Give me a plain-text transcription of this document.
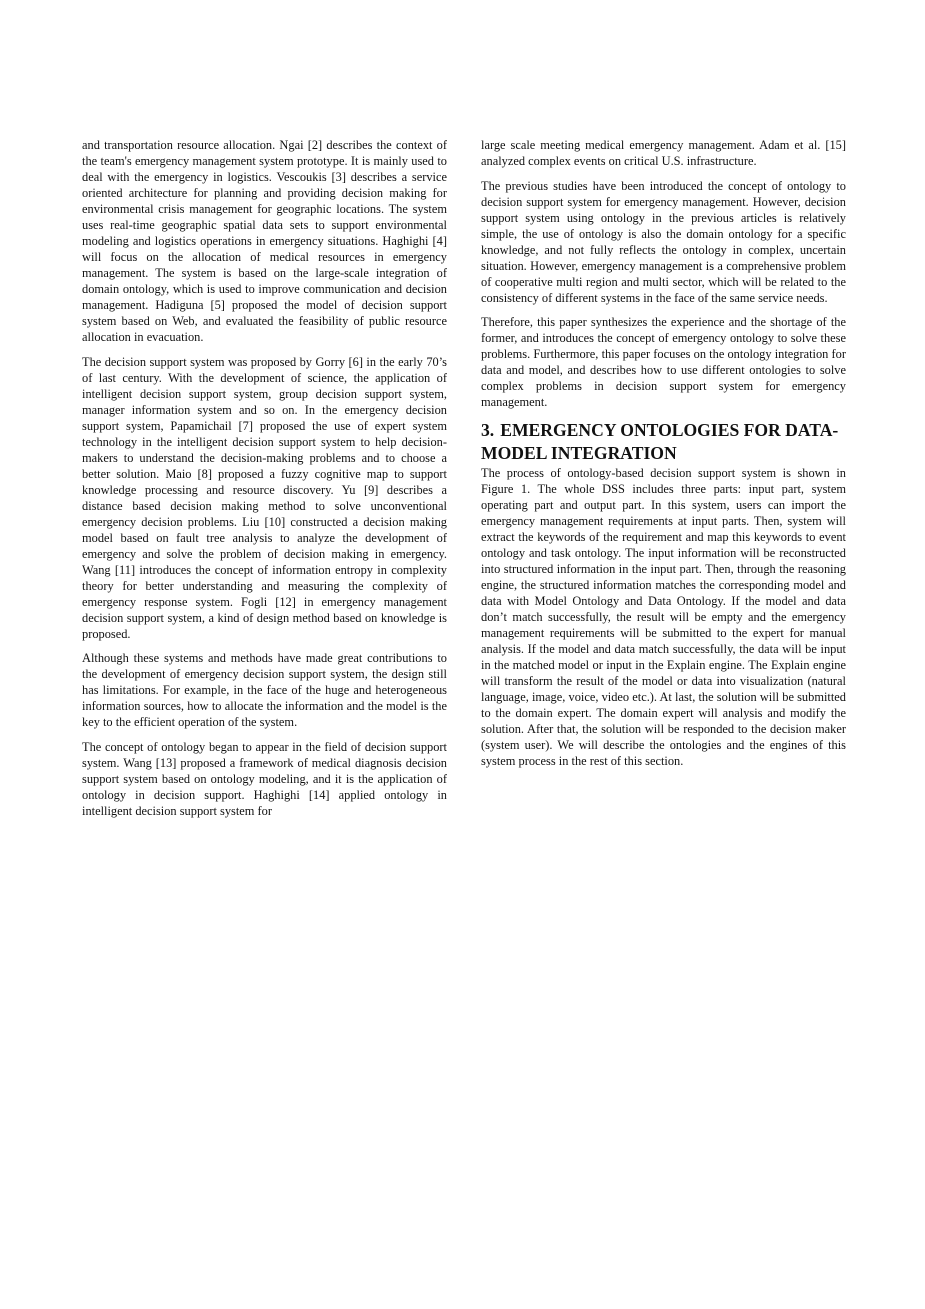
and transportation resource allocation. Ngai [2] describes the context of the team's emergency management system prototype. It is mainly used to deal with the emergency in logistics. Vescoukis [3] describes a service oriented architecture for planning and providing decision making for environmental crisis management for geographic locations. The system uses real-time geographic spatial data sets to support environmental modeling and logistics operations in emergency situations. Haghighi [4] will focus on the allocation of medical resources in emergency management. The system is based on the large-scale integration of domain ontology, which is used to improve communication and decision management. Hadiguna [5] proposed the model of decision support system based on Web, and evaluated the feasibility of public resource allocation in evacuation.

The decision support system was proposed by Gorry [6] in the early 70’s of last century. With the development of science, the application of intelligent decision support system, group decision support system, manager information system and so on. In the emergency decision support system, Papamichail [7] proposed the use of expert system technology in the intelligent decision support system to help decision-makers to understand the decision-making problems and to choose a better solution. Maio [8] proposed a fuzzy cognitive map to support knowledge processing and resource discovery. Yu [9] describes a distance based decision making method to solve unconventional emergency decision problems. Liu [10] constructed a decision making model based on fault tree analysis to analyze the development of emergency and solve the problem of decision making in emergency. Wang [11] introduces the concept of information entropy in complexity theory for better understanding and measuring the complexity of emergency response system. Fogli [12] in emergency management decision support system, a kind of design method based on knowledge is proposed.

Although these systems and methods have made great contributions to the development of emergency decision support system, the design still has limitations. For example, in the face of the huge and heterogeneous information sources, how to allocate the information and the model is the key to the efficient operation of the system.

The concept of ontology began to appear in the field of decision support system. Wang [13] proposed a framework of medical diagnosis decision support system based on ontology modeling, and it is the application of ontology in decision support. Haghighi [14] applied ontology in intelligent decision support system for

large scale meeting medical emergency management. Adam et al. [15] analyzed complex events on critical U.S. infrastructure.

The previous studies have been introduced the concept of ontology to decision support system for emergency management. However, decision support system using ontology in the previous articles is relatively simple, the use of ontology is also the domain ontology for a specific knowledge, and not fully reflects the ontology in complex, uncertain situation. However, emergency management is a comprehensive problem of cooperative multi region and multi sector, which will be related to the consistency of different systems in the face of the same service needs.

Therefore, this paper synthesizes the experience and the shortage of the former, and introduces the concept of emergency ontology to solve these problems. Furthermore, this paper focuses on the ontology integration for data and model, and describes how to use different ontologies to solve complex problems in decision support system for emergency management.

3. EMERGENCY ONTOLOGIES FOR DATA-MODEL INTEGRATION

The process of ontology-based decision support system is shown in Figure 1. The whole DSS includes three parts: input part, system operating part and output part. In this system, users can import the emergency management requirements at input parts. Then, system will extract the keywords of the requirement and map this keywords to event ontology and task ontology. The input information will be reconstructed into structured information in the input part. Then, through the reasoning engine, the structured information matches the corresponding model and data with Model Ontology and Data Ontology. If the model and data don’t match successfully, the result will be empty and the emergency management requirements will be submitted to the expert for manual analysis. If the model and data match successfully, the data will be input in the matched model or input in the Explain engine. The Explain engine will transform the result of the model or data into visualization (natural language, image, voice, video etc.). At last, the solution will be submitted to the domain expert. The domain expert will analysis and modify the solution. After that, the solution will be responded to the decision maker (system user). We will describe the ontologies and the engines of this system process in the rest of this section.
